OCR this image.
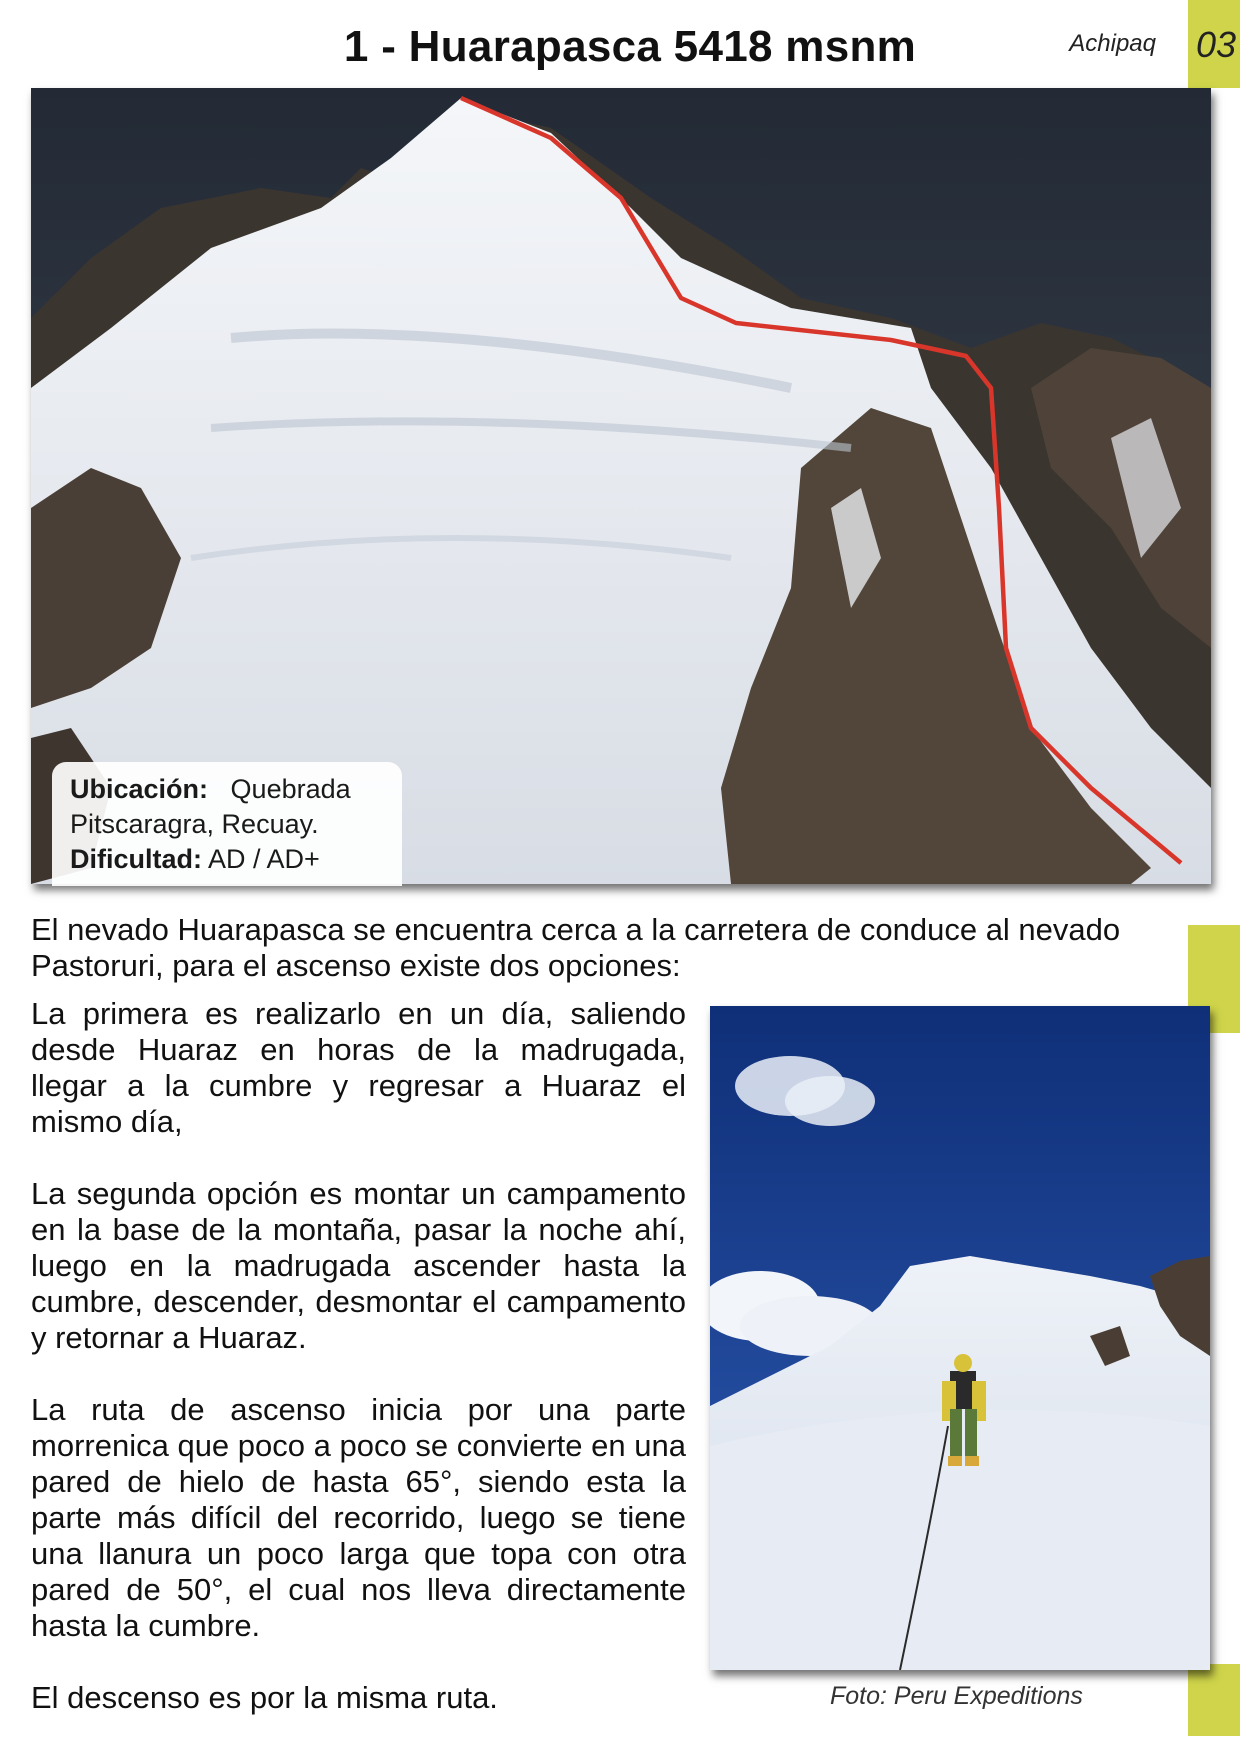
1 - Huarapasca 5418 msnm	Achipaq 03
Ubicación: Quebrada
Pitscaragra, Recuay.
Dificultad: AD / AD+
El nevado Huarapasca se encuentra cerca a la carretera de conduce al nevado Pastoruri, para el ascenso existe dos opciones:

La primera es realizarlo en un día, saliendo desde Huaraz en horas de la madrugada, llegar a la cumbre y regresar a Huaraz el mismo día,

La segunda opción es montar un campamento en la base de la montaña, pasar la noche ahí, luego en la madrugada ascender hasta la cumbre, descender, desmontar el campamento y retornar a Huaraz.

La ruta de ascenso inicia por una parte morrenica que poco a poco se convierte en una pared de hielo de hasta 65°, siendo esta la parte más difícil del recorrido, luego se tiene una llanura un poco larga que topa con otra pared de 50°, el cual nos lleva directamente hasta la cumbre.

El descenso es por la misma ruta.	Foto: Peru Expeditions
